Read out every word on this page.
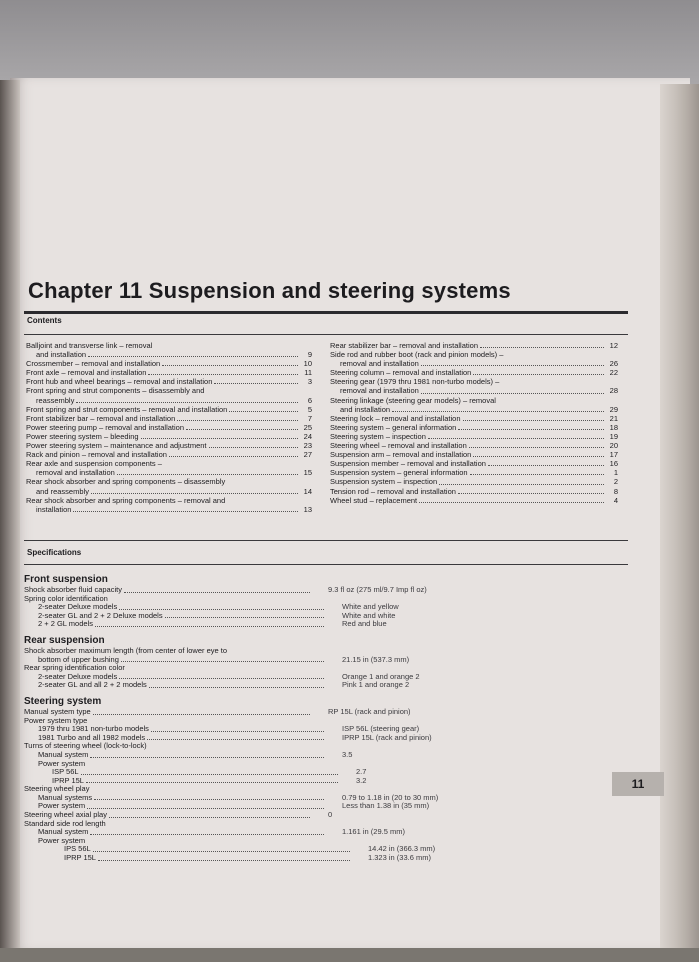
Chapter 11 Suspension and steering systems
Contents
Balljoint and transverse link – removal
and installation	9
Crossmember – removal and installation	10
Front axle – removal and installation	11
Front hub and wheel bearings – removal and installation	3
Front spring and strut components – disassembly and
reassembly	6
Front spring and strut components – removal and installation	5
Front stabilizer bar – removal and installation	7
Power steering pump – removal and installation	25
Power steering system – bleeding	24
Power steering system – maintenance and adjustment	23
Rack and pinion – removal and installation	27
Rear axle and suspension components –
removal and installation	15
Rear shock absorber and spring components – disassembly
and reassembly	14
Rear shock absorber and spring components – removal and
installation	13
Rear stabilizer bar – removal and installation	12
Side rod and rubber boot (rack and pinion models) –
removal and installation	26
Steering column – removal and installation	22
Steering gear (1979 thru 1981 non-turbo models) –
removal and installation	28
Steering linkage (steering gear models) – removal
and installation	29
Steering lock – removal and installation	21
Steering system – general information	18
Steering system – inspection	19
Steering wheel – removal and installation	20
Suspension arm – removal and installation	17
Suspension member – removal and installation	16
Suspension system – general information	1
Suspension system – inspection	2
Tension rod – removal and installation	8
Wheel stud – replacement	4
Specifications
Front suspension
Shock absorber fluid capacity	9.3 fl oz (275 ml/9.7 Imp fl oz)
Spring color identification
2-seater Deluxe models	White and yellow
2-seater GL and 2 + 2 Deluxe models	White and white
2 + 2 GL models	Red and blue
Rear suspension
Shock absorber maximum length (from center of lower eye to
bottom of upper bushing	21.15 in (537.3 mm)
Rear spring identification color
2-seater Deluxe models	Orange 1 and orange 2
2-seater GL and all 2 + 2 models	Pink 1 and orange 2
Steering system
Manual system type	RP 15L (rack and pinion)
Power system type
1979 thru 1981 non-turbo models	ISP 56L (steering gear)
1981 Turbo and all 1982 models	IPRP 15L (rack and pinion)
Turns of steering wheel (lock-to-lock)
Manual system	3.5
Power system
ISP 56L	2.7
IPRP 15L	3.2
Steering wheel play
Manual systems	0.79 to 1.18 in (20 to 30 mm)
Power system	Less than 1.38 in (35 mm)
Steering wheel axial play	0
Standard side rod length
Manual system	1.161 in (29.5 mm)
Power system
IPS 56L	14.42 in (366.3 mm)
IPRP 15L	1.323 in (33.6 mm)
11
